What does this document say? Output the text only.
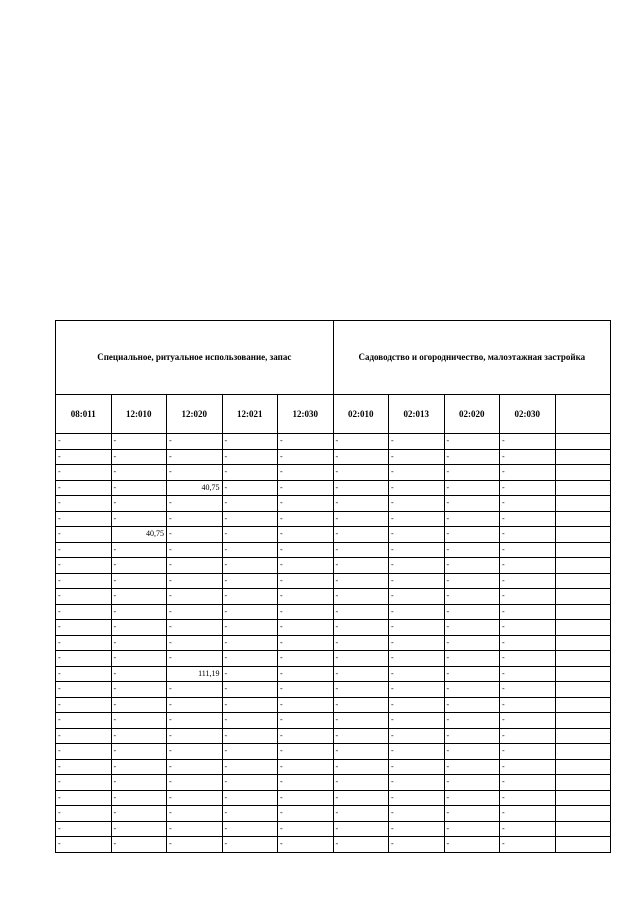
Специальное, ритуальное использование, запас					Садоводство и огородничество, малоэтажная застройка				
08:011	12:010	12:020	12:021	12:030	02:010	02:013	02:020	02:030	
-	-	-	-	-	-	-	-	-	
-	-	-	-	-	-	-	-	-	
-	-	-	-	-	-	-	-	-	
-	-	40,75	-	-	-	-	-	-	
-	-	-	-	-	-	-	-	-	
-	-	-	-	-	-	-	-	-	
-	40,75	-	-	-	-	-	-	-	
-	-	-	-	-	-	-	-	-	
-	-	-	-	-	-	-	-	-	
-	-	-	-	-	-	-	-	-	
-	-	-	-	-	-	-	-	-	
-	-	-	-	-	-	-	-	-	
-	-	-	-	-	-	-	-	-	
-	-	-	-	-	-	-	-	-	
-	-	-	-	-	-	-	-	-	
-	-	111,19	-	-	-	-	-	-	
-	-	-	-	-	-	-	-	-	
-	-	-	-	-	-	-	-	-	
-	-	-	-	-	-	-	-	-	
-	-	-	-	-	-	-	-	-	
-	-	-	-	-	-	-	-	-	
-	-	-	-	-	-	-	-	-	
-	-	-	-	-	-	-	-	-	
-	-	-	-	-	-	-	-	-	
-	-	-	-	-	-	-	-	-	
-	-	-	-	-	-	-	-	-	
-	-	-	-	-	-	-	-	-	
